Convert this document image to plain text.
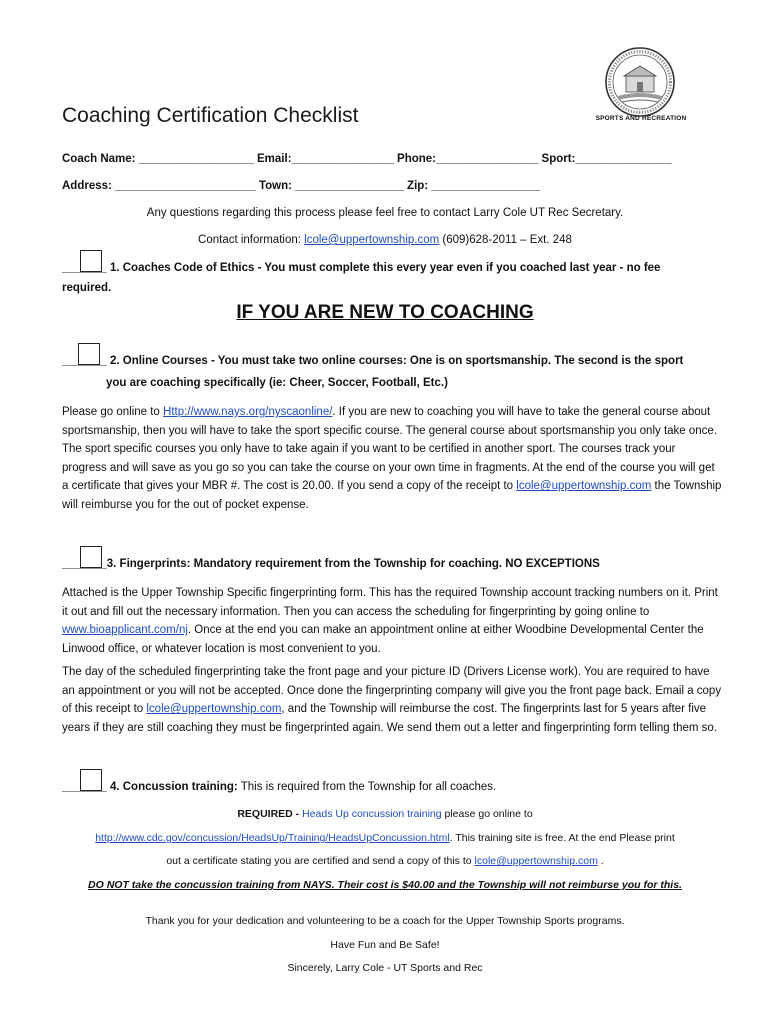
Coaching Certification Checklist	SPORTS AND RECREATION
Coach Name: __________________ Email:________________ Phone:________________ Sport:_______________
Address: ______________________ Town: _________________ Zip: _________________
Any questions regarding this process please feel free to contact Larry Cole UT Rec Secretary.
Contact information: lcole@uppertownship.com (609)628-2011 – Ext. 248
_______ 1. Coaches Code of Ethics - You must complete this every year even if you coached last year - no fee
required.
IF YOU ARE NEW TO COACHING
_______ 2. Online Courses - You must take two online courses: One is on sportsmanship. The second is the sport
you are coaching specifically (ie: Cheer, Soccer, Football, Etc.)
Please go online to Http://www.nays.org/nyscaonline/. If you are new to coaching you will have to take the general course about sportsmanship, then you will have to take the sport specific course. The general course about sportsmanship you only take once. The sport specific courses you only have to take again if you want to be certified in another sport. The courses track your progress and will save as you go so you can take the course on your own time in fragments. At the end of the course you will get a certificate that gives your MBR #. The cost is 20.00. If you send a copy of the receipt to lcole@uppertownship.com the Township will reimburse you for the out of pocket expense.
_______3. Fingerprints: Mandatory requirement from the Township for coaching. NO EXCEPTIONS
Attached is the Upper Township Specific fingerprinting form. This has the required Township account tracking numbers on it. Print it out and fill out the necessary information. Then you can access the scheduling for fingerprinting by going online to www.bioapplicant.com/nj. Once at the end you can make an appointment online at either Woodbine Developmental Center the Linwood office, or whatever location is most convenient to you.
The day of the scheduled fingerprinting take the front page and your picture ID (Drivers License work). You are required to have an appointment or you will not be accepted. Once done the fingerprinting company will give you the front page back. Email a copy of this receipt to lcole@uppertownship.com, and the Township will reimburse the cost. The fingerprints last for 5 years after five years if they are still coaching they must be fingerprinted again. We send them out a letter and fingerprinting form telling them so.
_______ 4. Concussion training: This is required from the Township for all coaches.
REQUIRED - Heads Up concussion training please go online to
http://www.cdc.gov/concussion/HeadsUp/Training/HeadsUpConcussion.html. This training site is free. At the end Please print
out a certificate stating you are certified and send a copy of this to lcole@uppertownship.com .
DO NOT take the concussion training from NAYS. Their cost is $40.00 and the Township will not reimburse you for this.
Thank you for your dedication and volunteering to be a coach for the Upper Township Sports programs.
Have Fun and Be Safe!
Sincerely, Larry Cole - UT Sports and Rec
